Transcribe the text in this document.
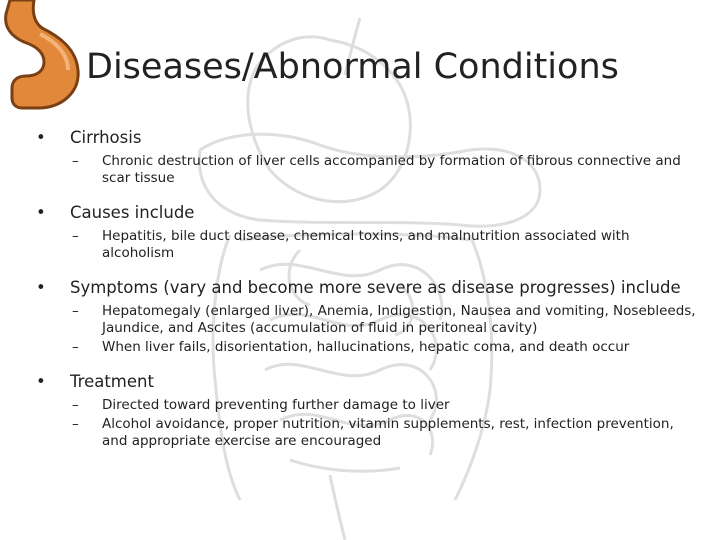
Diseases/Abnormal Conditions
• Cirrhosis
– Chronic destruction of liver cells accompanied by formation of fibrous connective and scar tissue
• Causes include
– Hepatitis, bile duct disease, chemical toxins, and malnutrition associated with alcoholism
• Symptoms (vary and become more severe as disease progresses) include
– Hepatomegaly (enlarged liver), Anemia, Indigestion, Nausea and vomiting, Nosebleeds, Jaundice, and Ascites (accumulation of fluid in peritoneal cavity)
– When liver fails, disorientation, hallucinations, hepatic coma, and death occur
• Treatment
– Directed toward preventing further damage to liver
– Alcohol avoidance, proper nutrition, vitamin supplements, rest, infection prevention, and appropriate exercise are encouraged
